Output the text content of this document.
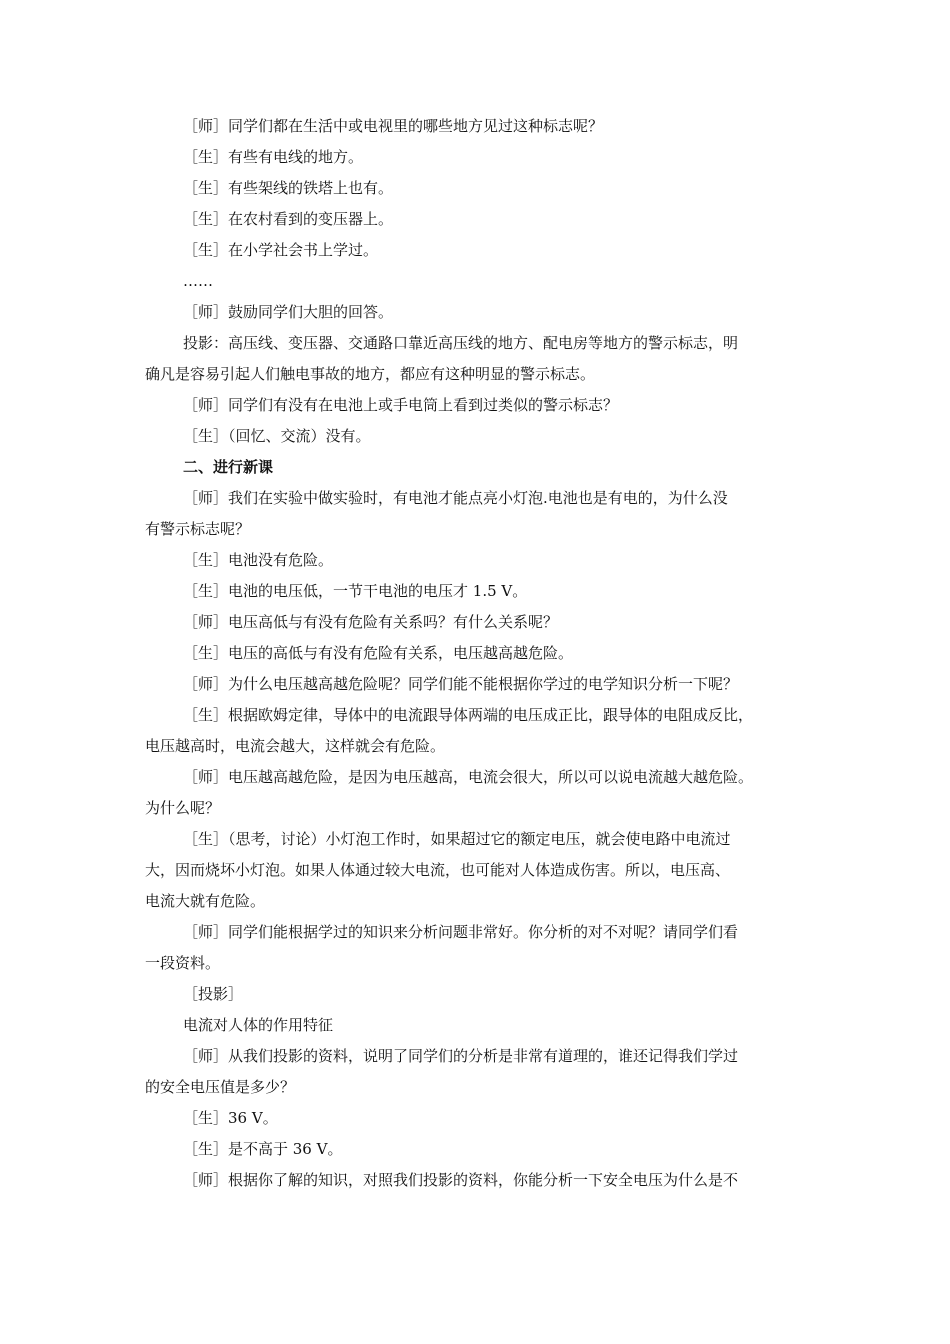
［师］同学们都在生活中或电视里的哪些地方见过这种标志呢？
［生］有些有电线的地方。
［生］有些架线的铁塔上也有。
［生］在农村看到的变压器上。
［生］在小学社会书上学过。
……
［师］鼓励同学们大胆的回答。
投影：高压线、变压器、交通路口靠近高压线的地方、配电房等地方的警示标志，明
确凡是容易引起人们触电事故的地方，都应有这种明显的警示标志。
［师］同学们有没有在电池上或手电筒上看到过类似的警示标志？
［生］（回忆、交流）没有。
二、进行新课
［师］我们在实验中做实验时，有电池才能点亮小灯泡.电池也是有电的，为什么没
有警示标志呢？
［生］电池没有危险。
［生］电池的电压低，一节干电池的电压才 1.5 V。
［师］电压高低与有没有危险有关系吗？有什么关系呢？
［生］电压的高低与有没有危险有关系，电压越高越危险。
［师］为什么电压越高越危险呢？同学们能不能根据你学过的电学知识分析一下呢？
［生］根据欧姆定律，导体中的电流跟导体两端的电压成正比，跟导体的电阻成反比，
电压越高时，电流会越大，这样就会有危险。
［师］电压越高越危险，是因为电压越高，电流会很大，所以可以说电流越大越危险。
为什么呢？
［生］（思考，讨论）小灯泡工作时，如果超过它的额定电压，就会使电路中电流过
大，因而烧坏小灯泡。如果人体通过较大电流，也可能对人体造成伤害。所以，电压高、
电流大就有危险。
［师］同学们能根据学过的知识来分析问题非常好。你分析的对不对呢？请同学们看
一段资料。
［投影］
电流对人体的作用特征
［师］从我们投影的资料，说明了同学们的分析是非常有道理的，谁还记得我们学过
的安全电压值是多少？
［生］36 V。
［生］是不高于 36 V。
［师］根据你了解的知识，对照我们投影的资料，你能分析一下安全电压为什么是不
